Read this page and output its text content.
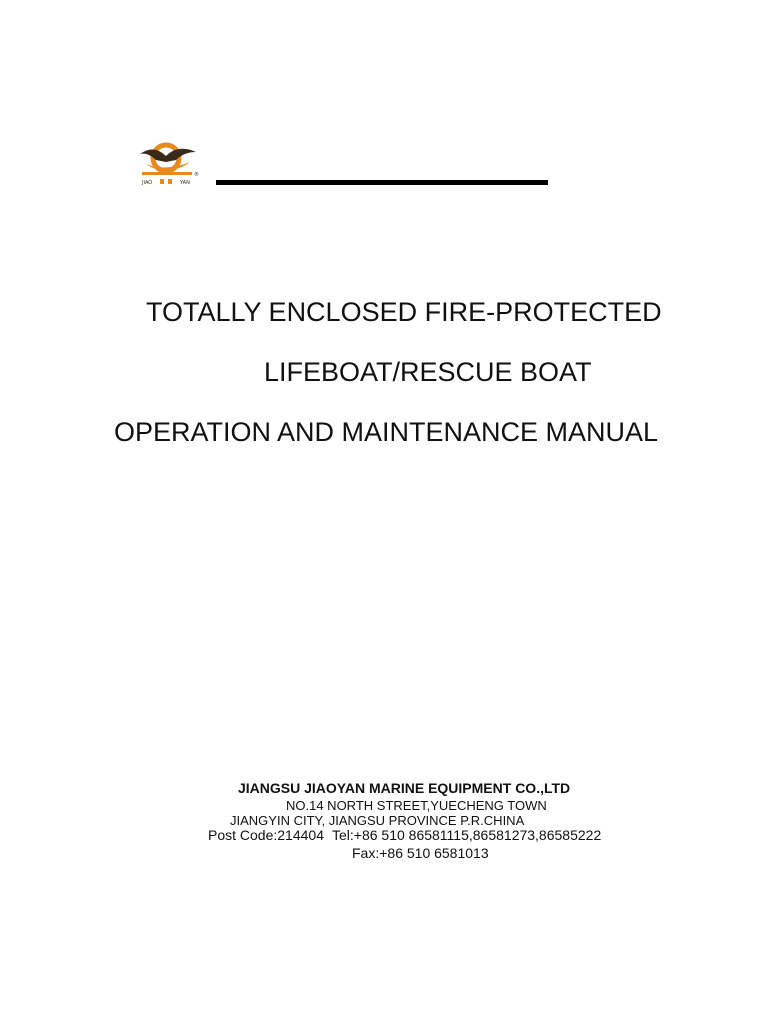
JIAO	YAN
®
TOTALLY ENCLOSED FIRE-PROTECTED
LIFEBOAT/RESCUE BOAT
OPERATION AND MAINTENANCE MANUAL
JIANGSU JIAOYAN MARINE EQUIPMENT CO.,LTD
NO.14 NORTH STREET,YUECHENG TOWN
JIANGYIN CITY, JIANGSU PROVINCE P.R.CHINA
Post Code:214404 Tel:+86 510 86581115,86581273,86585222
Fax:+86 510 6581013
